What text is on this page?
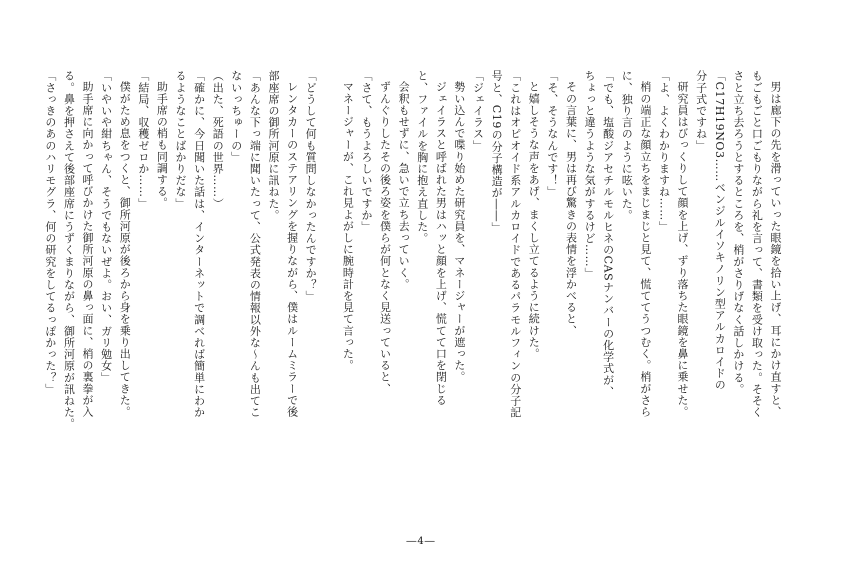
男は廊下の先を滑っていった眼鏡を拾い上げ、耳にかけ直すと、
もごもごと口ごもりながら礼を言って、書類を受け取った。そそく
さと立ち去ろうとするところを、梢がさりげなく話しかける。
「C17H19NO3……ベンジルイソキノリン型アルカロイドの
分子式ですね」
研究員はびっくりして顔を上げ、ずり落ちた眼鏡を鼻に乗せた。
「よ、よくわかりますね……」
梢の端正な顔立ちをまじまじと見て、慌ててうつむく。梢がさら
に、独り言のように呟いた。
「でも、塩酸ジアセチルモルヒネのCASナンバーの化学式が、
ちょっと違うような気がするけど……」
その言葉に、男は再び驚きの表情を浮かべると、
「そ、そうなんです！」
と嬉しそうな声をあげ、まくし立てるように続けた。
「これはオピオイド系アルカロイドであるパラモルフィンの分子記
号と、C19の分子構造が――」
「ジェイラス」
勢い込んで喋り始めた研究員を、マネージャーが遮った。
ジェイラスと呼ばれた男はハッと顔を上げ、慌てて口を閉じる
と、ファイルを胸に抱え直した。
会釈もせずに、急いで立ち去っていく。
ずんぐりしたその後ろ姿を僕らが何となく見送っていると、
「さて、もうよろしいですか」
マネージャーが、これ見よがしに腕時計を見て言った。
「どうして何も質問しなかったんですか？」
レンタカーのステアリングを握りながら、僕はルームミラーで後
部座席の御所河原に訊ねた。
「あんな下っ端に聞いたって、公式発表の情報以外な～んも出てこ
ないっちゅーの」
（出た、死語の世界……）
「確かに、今日聞いた話は、インターネットで調べれば簡単にわか
るようなことばかりだな」
助手席の梢も同調する。
「結局、収穫ゼロか……」
僕がため息をつくと、御所河原が後ろから身を乗り出してきた。
「いやいや紺ちゃん、そうでもないぜよ。おい、ガリ勉女」
助手席に向かって呼びかけた御所河原の鼻っ面に、梢の裏拳が入
る。鼻を押さえて後部座席にうずくまりながら、御所河原が訊ねた。
「さっきのあのハリモグラ、何の研究をしてるっぽかった？」
―4―
